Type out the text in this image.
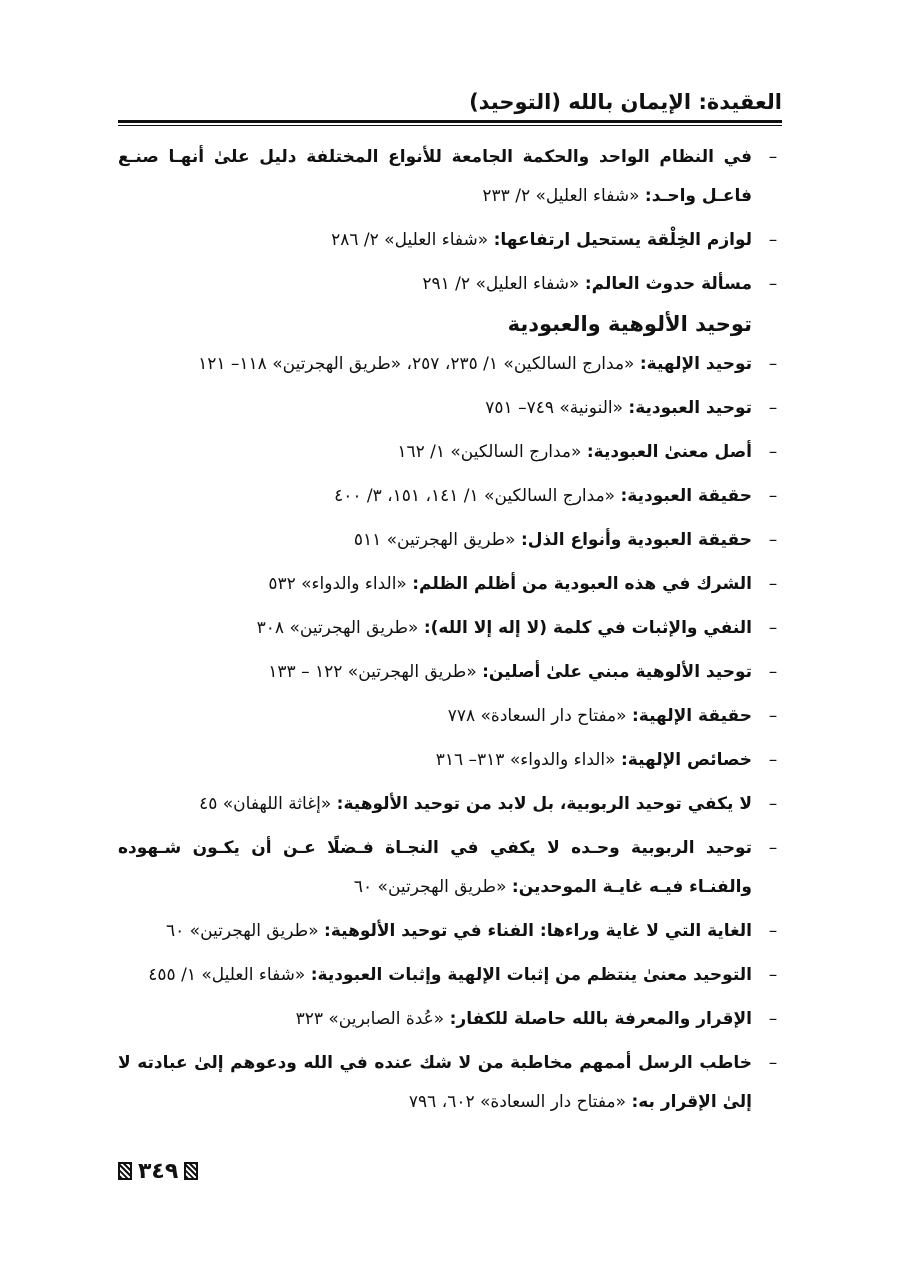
العقيدة: الإيمان بالله (التوحيد)
–
في النظام الواحد والحكمة الجامعة للأنواع المختلفة دليل علىٰ أنهـا صنـع فاعـل واحـد: «شفاء العليل» ٢/ ٢٣٣
–
لوازم الخِلْقة يستحيل ارتفاعها: «شفاء العليل» ٢/ ٢٨٦
–
مسألة حدوث العالم: «شفاء العليل» ٢/ ٢٩١
توحيد الألوهية والعبودية
–
توحيد الإلهية: «مدارج السالكين» ١/ ٢٣٥، ٢٥٧، «طريق الهجرتين» ١١٨– ١٢١
–
توحيد العبودية: «النونية» ٧٤٩– ٧٥١
–
أصل معنىٰ العبودية: «مدارج السالكين» ١/ ١٦٢
–
حقيقة العبودية: «مدارج السالكين» ١/ ١٤١، ١٥١، ٣/ ٤٠٠
–
حقيقة العبودية وأنواع الذل: «طريق الهجرتين» ٥١١
–
الشرك في هذه العبودية من أظلم الظلم: «الداء والدواء» ٥٣٢
–
النفي والإثبات في كلمة (لا إله إلا الله): «طريق الهجرتين» ٣٠٨
–
توحيد الألوهية مبني علىٰ أصلين: «طريق الهجرتين» ١٢٢ – ١٣٣
–
حقيقة الإلهية: «مفتاح دار السعادة» ٧٧٨
–
خصائص الإلهية: «الداء والدواء» ٣١٣– ٣١٦
–
لا يكفي توحيد الربوبية، بل لابد من توحيد الألوهية: «إغاثة اللهفان» ٤٥
–
توحيد الربوبية وحـده لا يكفي في النجـاة فـضلًا عـن أن يكـون شـهوده والفنـاء فيـه غايـة الموحدين: «طريق الهجرتين» ٦٠
–
الغاية التي لا غاية وراءها: الفناء في توحيد الألوهية: «طريق الهجرتين» ٦٠
–
التوحيد معنىٰ ينتظم من إثبات الإلهية وإثبات العبودية: «شفاء العليل» ١/ ٤٥٥
–
الإقرار والمعرفة بالله حاصلة للكفار: «عُدة الصابرين» ٣٢٣
–
خاطب الرسل أممهم مخاطبة من لا شك عنده في الله ودعوهم إلىٰ عبادته لا إلىٰ الإقرار به: «مفتاح دار السعادة» ٦٠٢، ٧٩٦
٣٤٩
